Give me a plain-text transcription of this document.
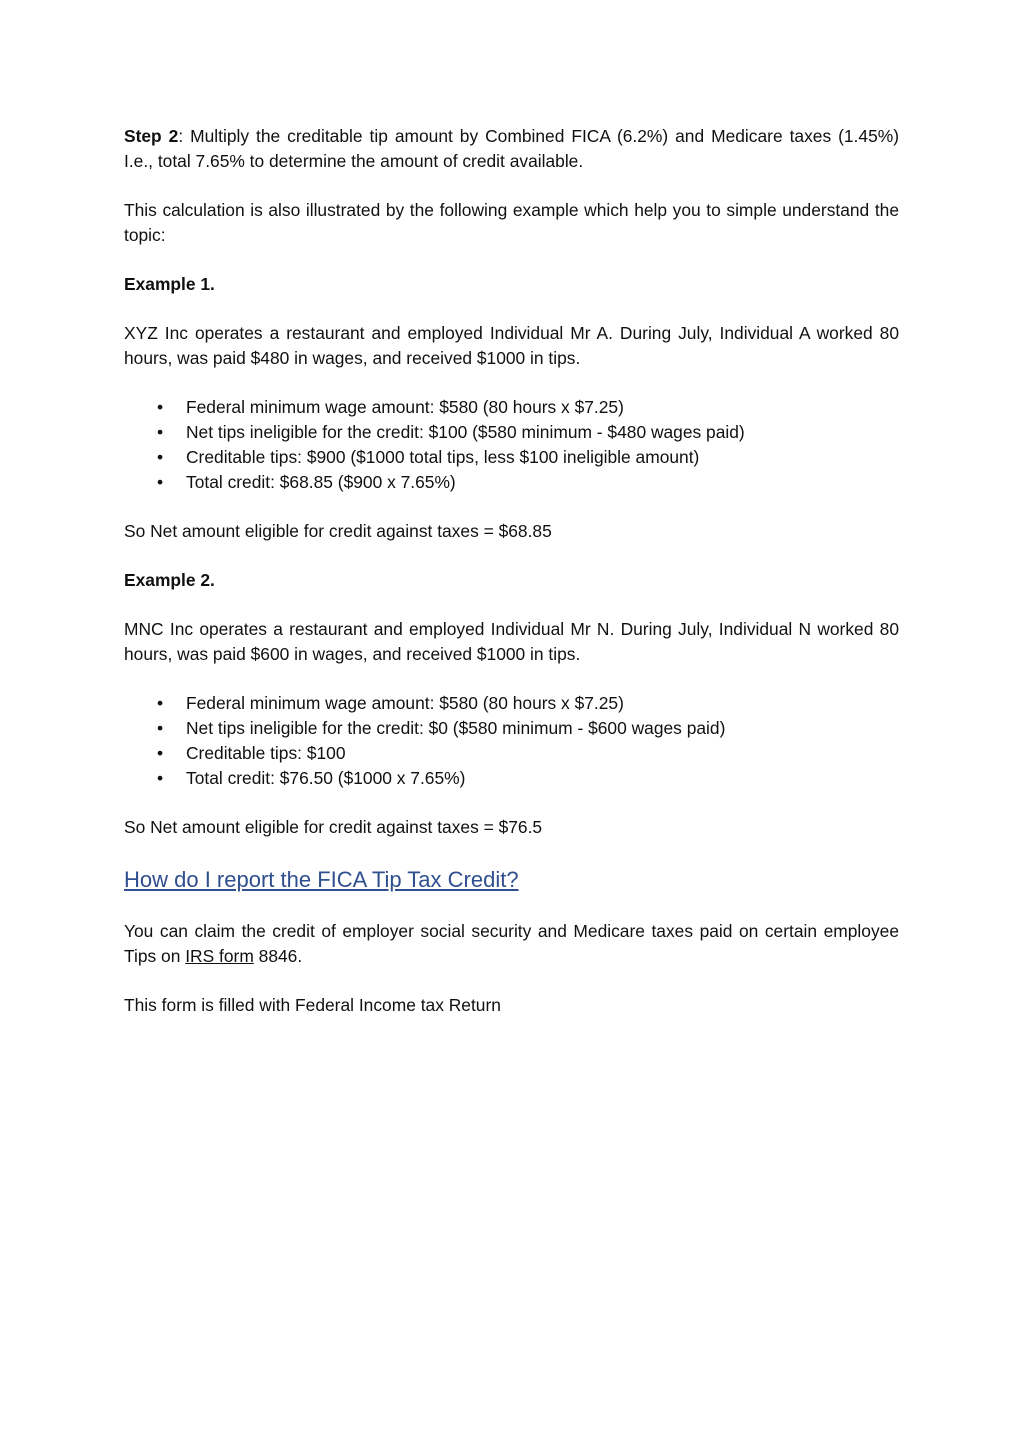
Step 2: Multiply the creditable tip amount by Combined FICA (6.2%) and Medicare taxes (1.45%) I.e., total 7.65% to determine the amount of credit available.

This calculation is also illustrated by the following example which help you to simple understand the topic:

Example 1.

XYZ Inc operates a restaurant and employed Individual Mr A. During July, Individual A worked 80 hours, was paid $480 in wages, and received $1000 in tips.

• Federal minimum wage amount: $580 (80 hours x $7.25)
• Net tips ineligible for the credit: $100 ($580 minimum - $480 wages paid)
• Creditable tips: $900 ($1000 total tips, less $100 ineligible amount)
• Total credit: $68.85 ($900 x 7.65%)

So Net amount eligible for credit against taxes = $68.85

Example 2.

MNC Inc operates a restaurant and employed Individual Mr N. During July, Individual N worked 80 hours, was paid $600 in wages, and received $1000 in tips.

• Federal minimum wage amount: $580 (80 hours x $7.25)
• Net tips ineligible for the credit: $0 ($580 minimum - $600 wages paid)
• Creditable tips: $100
• Total credit: $76.50 ($1000 x 7.65%)

So Net amount eligible for credit against taxes = $76.5

How do I report the FICA Tip Tax Credit?

You can claim the credit of employer social security and Medicare taxes paid on certain employee Tips on IRS form 8846.

This form is filled with Federal Income tax Return
